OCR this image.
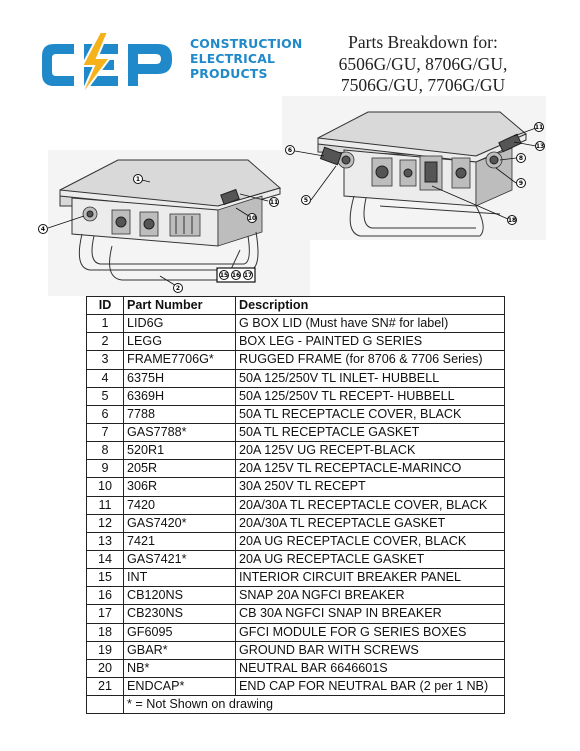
CONSTRUCTION
ELECTRICAL
PRODUCTS
Parts Breakdown for:
6506G/GU, 8706G/GU,
7506G/GU, 7706G/GU
1
2
4
10
11
15 16 17
5
6
8
9
11
13
18
ID	Part Number	Description
1	LID6G	G BOX LID (Must have SN# for label)
2	LEGG	BOX LEG - PAINTED G SERIES
3	FRAME7706G*	RUGGED FRAME (for 8706 & 7706 Series)
4	6375H	50A 125/250V TL INLET- HUBBELL
5	6369H	50A 125/250V TL RECEPT- HUBBELL
6	7788	50A TL RECEPTACLE COVER, BLACK
7	GAS7788*	50A TL RECEPTACLE GASKET
8	520R1	20A 125V UG RECEPT-BLACK
9	205R	20A 125V TL RECEPTACLE-MARINCO
10	306R	30A 250V TL RECEPT
11	7420	20A/30A TL RECEPTACLE COVER, BLACK
12	GAS7420*	20A/30A TL RECEPTACLE GASKET
13	7421	20A UG RECEPTACLE COVER, BLACK
14	GAS7421*	20A UG RECEPTACLE GASKET
15	INT	INTERIOR CIRCUIT BREAKER PANEL
16	CB120NS	SNAP 20A NGFCI BREAKER
17	CB230NS	CB 30A NGFCI SNAP IN BREAKER
18	GF6095	GFCI MODULE FOR G SERIES BOXES
19	GBAR*	GROUND BAR WITH SCREWS
20	NB*	NEUTRAL BAR 6646601S
21	ENDCAP*	END CAP FOR NEUTRAL BAR (2 per 1 NB)
	* = Not Shown on drawing	
